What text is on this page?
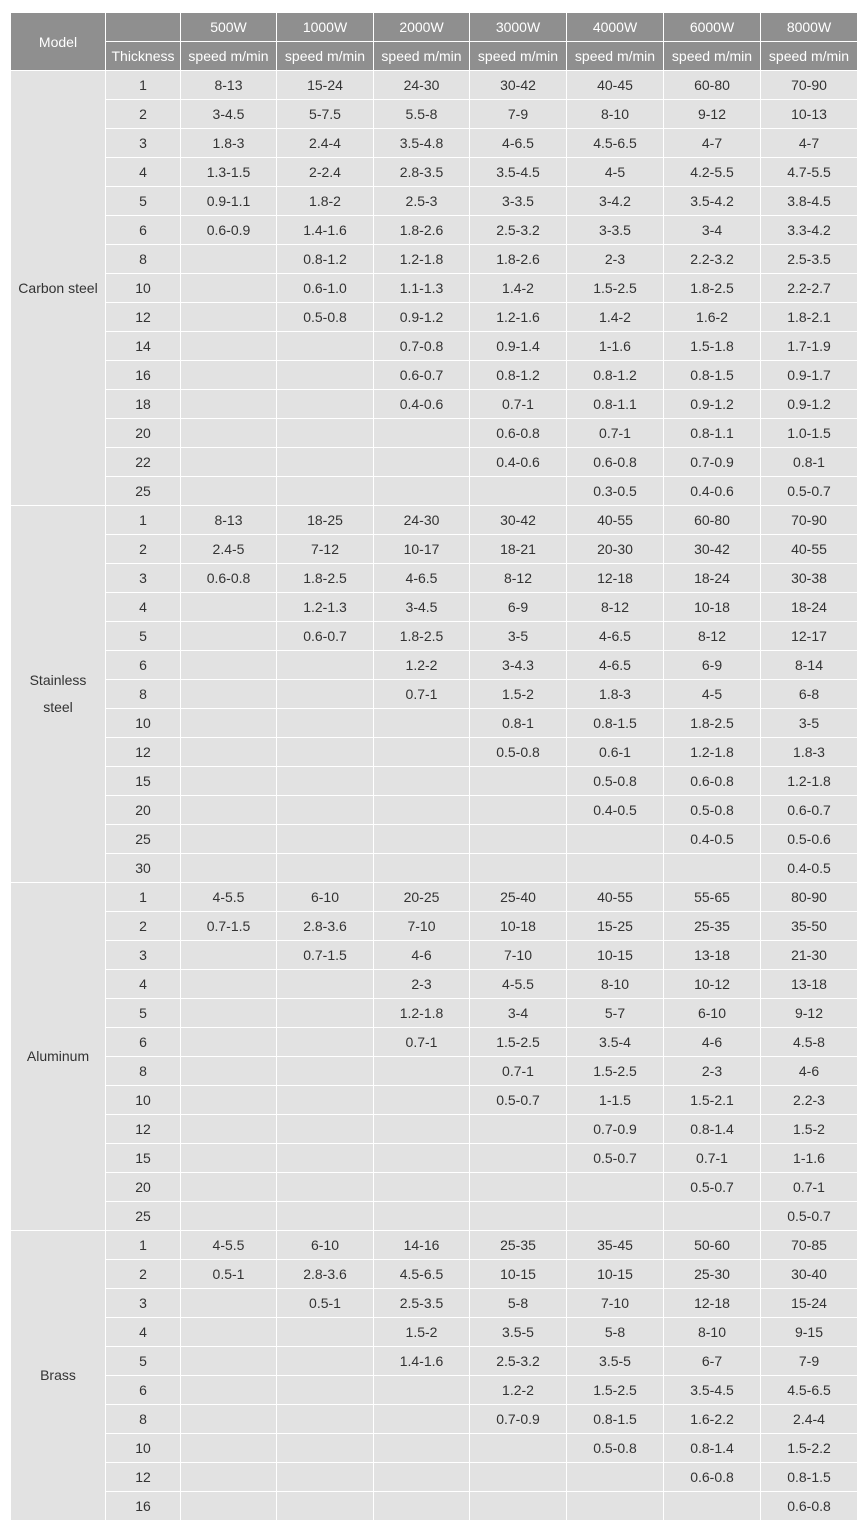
Model		500W	1000W	2000W	3000W	4000W	6000W	8000W
	Thickness	speed m/min	speed m/min	speed m/min	speed m/min	speed m/min	speed m/min	speed m/min

Carbon steel	1	8-13	15-24	24-30	30-42	40-45	60-80	70-90
	2	3-4.5	5-7.5	5.5-8	7-9	8-10	9-12	10-13
	3	1.8-3	2.4-4	3.5-4.8	4-6.5	4.5-6.5	4-7	4-7
	4	1.3-1.5	2-2.4	2.8-3.5	3.5-4.5	4-5	4.2-5.5	4.7-5.5
	5	0.9-1.1	1.8-2	2.5-3	3-3.5	3-4.2	3.5-4.2	3.8-4.5
	6	0.6-0.9	1.4-1.6	1.8-2.6	2.5-3.2	3-3.5	3-4	3.3-4.2
	8		0.8-1.2	1.2-1.8	1.8-2.6	2-3	2.2-3.2	2.5-3.5
	10		0.6-1.0	1.1-1.3	1.4-2	1.5-2.5	1.8-2.5	2.2-2.7
	12		0.5-0.8	0.9-1.2	1.2-1.6	1.4-2	1.6-2	1.8-2.1
	14			0.7-0.8	0.9-1.4	1-1.6	1.5-1.8	1.7-1.9
	16			0.6-0.7	0.8-1.2	0.8-1.2	0.8-1.5	0.9-1.7
	18			0.4-0.6	0.7-1	0.8-1.1	0.9-1.2	0.9-1.2
	20				0.6-0.8	0.7-1	0.8-1.1	1.0-1.5
	22				0.4-0.6	0.6-0.8	0.7-0.9	0.8-1
	25					0.3-0.5	0.4-0.6	0.5-0.7

Stainless
steel	1	8-13	18-25	24-30	30-42	40-55	60-80	70-90
	2	2.4-5	7-12	10-17	18-21	20-30	30-42	40-55
	3	0.6-0.8	1.8-2.5	4-6.5	8-12	12-18	18-24	30-38
	4		1.2-1.3	3-4.5	6-9	8-12	10-18	18-24
	5		0.6-0.7	1.8-2.5	3-5	4-6.5	8-12	12-17
	6			1.2-2	3-4.3	4-6.5	6-9	8-14
	8			0.7-1	1.5-2	1.8-3	4-5	6-8
	10				0.8-1	0.8-1.5	1.8-2.5	3-5
	12				0.5-0.8	0.6-1	1.2-1.8	1.8-3
	15					0.5-0.8	0.6-0.8	1.2-1.8
	20					0.4-0.5	0.5-0.8	0.6-0.7
	25						0.4-0.5	0.5-0.6
	30							0.4-0.5

Aluminum	1	4-5.5	6-10	20-25	25-40	40-55	55-65	80-90
	2	0.7-1.5	2.8-3.6	7-10	10-18	15-25	25-35	35-50
	3		0.7-1.5	4-6	7-10	10-15	13-18	21-30
	4			2-3	4-5.5	8-10	10-12	13-18
	5			1.2-1.8	3-4	5-7	6-10	9-12
	6			0.7-1	1.5-2.5	3.5-4	4-6	4.5-8
	8				0.7-1	1.5-2.5	2-3	4-6
	10				0.5-0.7	1-1.5	1.5-2.1	2.2-3
	12					0.7-0.9	0.8-1.4	1.5-2
	15					0.5-0.7	0.7-1	1-1.6
	20						0.5-0.7	0.7-1
	25							0.5-0.7

Brass	1	4-5.5	6-10	14-16	25-35	35-45	50-60	70-85
	2	0.5-1	2.8-3.6	4.5-6.5	10-15	10-15	25-30	30-40
	3		0.5-1	2.5-3.5	5-8	7-10	12-18	15-24
	4			1.5-2	3.5-5	5-8	8-10	9-15
	5			1.4-1.6	2.5-3.2	3.5-5	6-7	7-9
	6				1.2-2	1.5-2.5	3.5-4.5	4.5-6.5
	8				0.7-0.9	0.8-1.5	1.6-2.2	2.4-4
	10					0.5-0.8	0.8-1.4	1.5-2.2
	12						0.6-0.8	0.8-1.5
	16							0.6-0.8
